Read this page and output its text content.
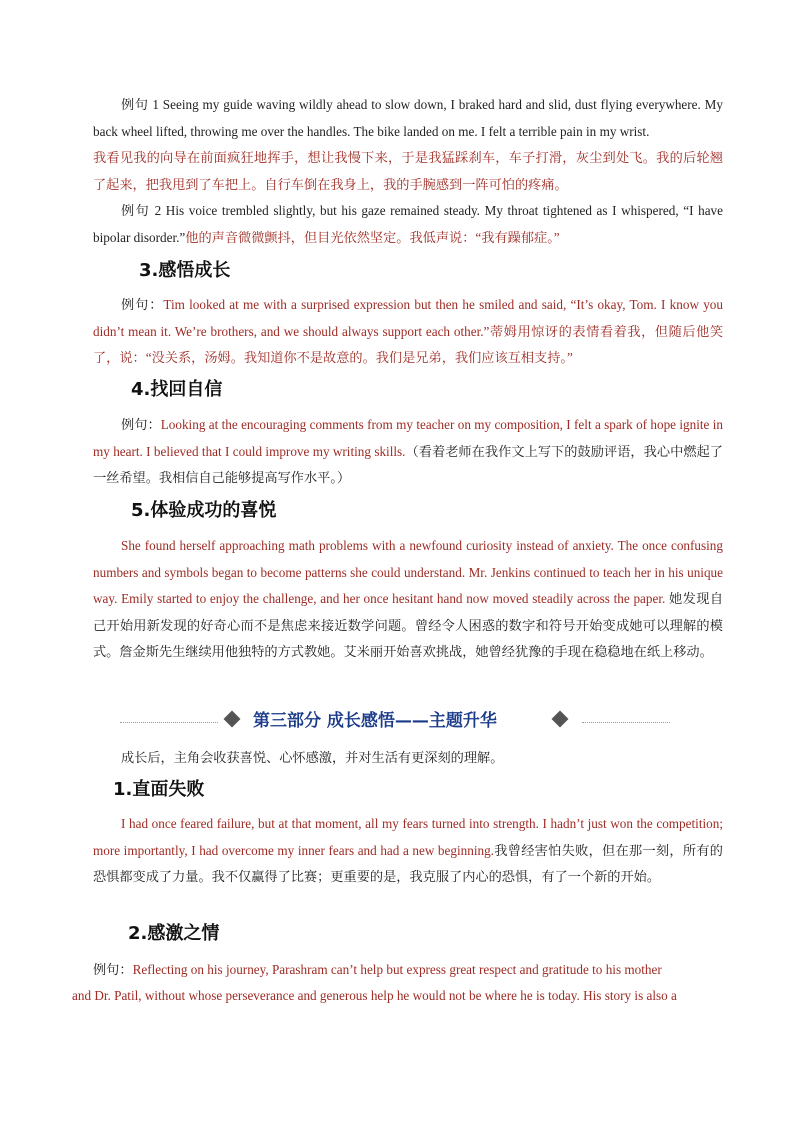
例句 1 Seeing my guide waving wildly ahead to slow down, I braked hard and slid, dust flying everywhere. My back wheel lifted, throwing me over the handles. The bike landed on me. I felt a terrible pain in my wrist.
我看见我的向导在前面疯狂地挥手，想让我慢下来，于是我猛踩刹车，车子打滑，灰尘到处飞。我的后轮翘了起来，把我甩到了车把上。自行车倒在我身上，我的手腕感到一阵可怕的疼痛。

例句 2 His voice trembled slightly, but his gaze remained steady. My throat tightened as I whispered, “I have bipolar disorder.”他的声音微微颤抖，但目光依然坚定。我低声说：“我有躁郁症。”

3.感悟成长

例句：Tim looked at me with a surprised expression but then he smiled and said, “It’s okay, Tom. I know you didn’t mean it. We’re brothers, and we should always support each other.”蒂姆用惊讶的表情看着我，但随后他笑了，说：“没关系，汤姆。我知道你不是故意的。我们是兄弟，我们应该互相支持。”

4.找回自信

例句：Looking at the encouraging comments from my teacher on my composition, I felt a spark of hope ignite in my heart. I believed that I could improve my writing skills.（看着老师在我作文上写下的鼓励评语，我心中燃起了一丝希望。我相信自己能够提高写作水平。）

5.体验成功的喜悦

She found herself approaching math problems with a newfound curiosity instead of anxiety. The once confusing numbers and symbols began to become patterns she could understand. Mr. Jenkins continued to teach her in his unique way. Emily started to enjoy the challenge, and her once hesitant hand now moved steadily across the paper. 她发现自己开始用新发现的好奇心而不是焦虑来接近数学问题。曾经令人困惑的数字和符号开始变成她可以理解的模式。詹金斯先生继续用他独特的方式教她。艾米丽开始喜欢挑战，她曾经犹豫的手现在稳稳地在纸上移动。

第三部分 成长感悟——主题升华

成长后，主角会收获喜悦、心怀感激，并对生活有更深刻的理解。

1.直面失败

I had once feared failure, but at that moment, all my fears turned into strength. I hadn’t just won the competition; more importantly, I had overcome my inner fears and had a new beginning.我曾经害怕失败，但在那一刻，所有的恐惧都变成了力量。我不仅赢得了比赛；更重要的是，我克服了内心的恐惧，有了一个新的开始。

2.感激之情

例句：Reflecting on his journey, Parashram can’t help but express great respect and gratitude to his mother

and Dr. Patil, without whose perseverance and generous help he would not be where he is today. His story is also a
